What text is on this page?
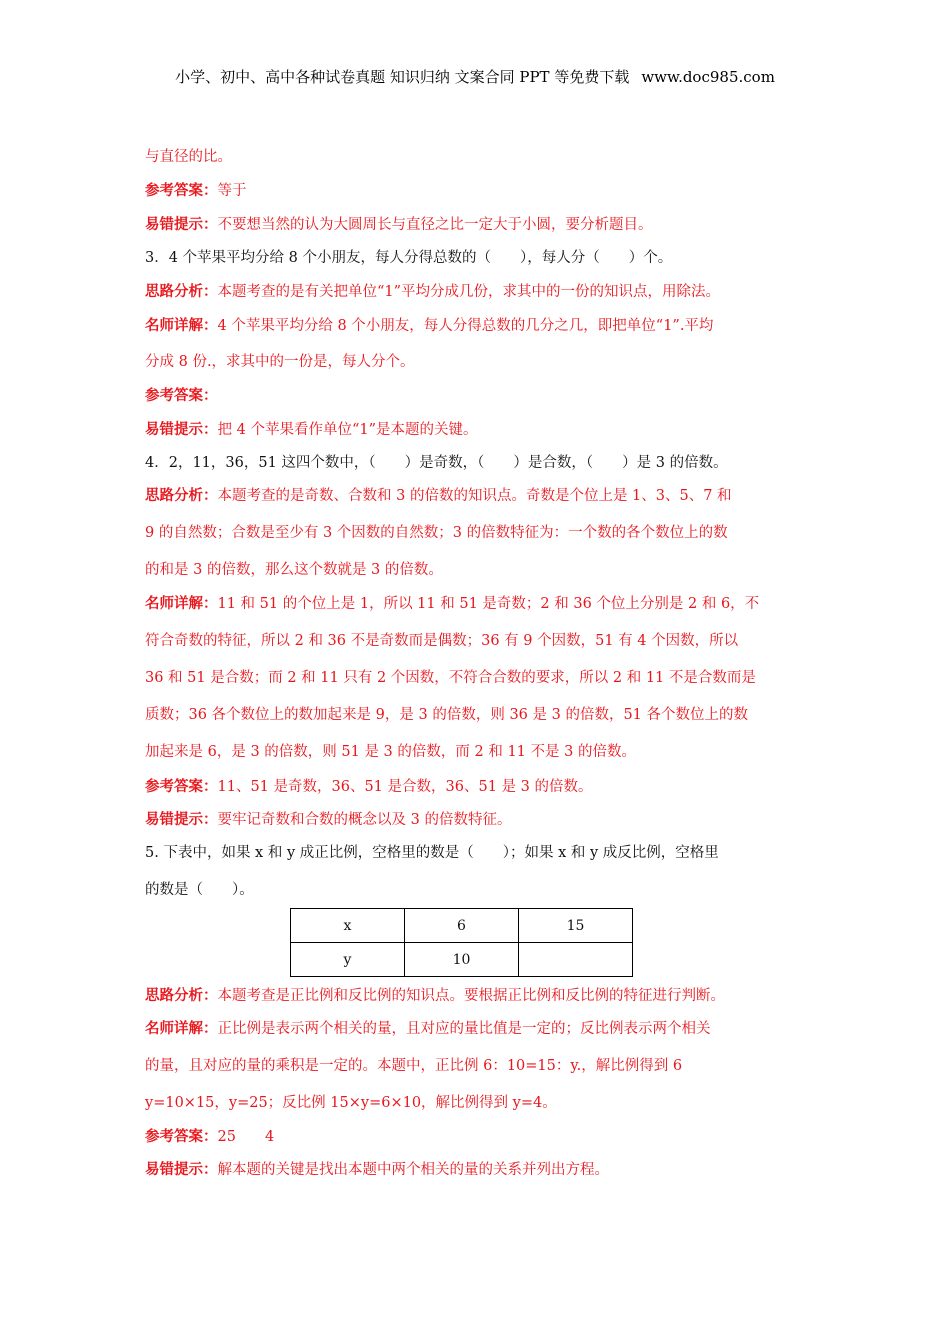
小学、初中、高中各种试卷真题 知识归纳 文案合同 PPT 等免费下载 www.doc985.com
与直径的比。
参考答案：等于
易错提示：不要想当然的认为大圆周长与直径之比一定大于小圆，要分析题目。
3．4 个苹果平均分给 8 个小朋友，每人分得总数的（　　），每人分（　　）个。
思路分析：本题考查的是有关把单位“1”平均分成几份，求其中的一份的知识点，用除法。
名师详解：4 个苹果平均分给 8 个小朋友，每人分得总数的几分之几，即把单位“1”.平均
分成 8 份.，求其中的一份是，每人分个。
参考答案：
易错提示：把 4 个苹果看作单位“1”是本题的关键。
4．2，11，36，51 这四个数中，（　　）是奇数，（　　）是合数，（　　）是 3 的倍数。
思路分析：本题考查的是奇数、合数和 3 的倍数的知识点。奇数是个位上是 1、3、5、7 和
9 的自然数；合数是至少有 3 个因数的自然数；3 的倍数特征为：一个数的各个数位上的数
的和是 3 的倍数，那么这个数就是 3 的倍数。
名师详解：11 和 51 的个位上是 1，所以 11 和 51 是奇数；2 和 36 个位上分别是 2 和 6，不
符合奇数的特征，所以 2 和 36 不是奇数而是偶数；36 有 9 个因数，51 有 4 个因数，所以
36 和 51 是合数；而 2 和 11 只有 2 个因数，不符合合数的要求，所以 2 和 11 不是合数而是
质数；36 各个数位上的数加起来是 9，是 3 的倍数，则 36 是 3 的倍数，51 各个数位上的数
加起来是 6，是 3 的倍数，则 51 是 3 的倍数，而 2 和 11 不是 3 的倍数。
参考答案：11、51 是奇数，36、51 是合数，36、51 是 3 的倍数。
易错提示：要牢记奇数和合数的概念以及 3 的倍数特征。
5. 下表中，如果 x 和 y 成正比例，空格里的数是（　　）；如果 x 和 y 成反比例，空格里
的数是（　　）。
思路分析：本题考查是正比例和反比例的知识点。要根据正比例和反比例的特征进行判断。
名师详解：正比例是表示两个相关的量，且对应的量比值是一定的；反比例表示两个相关
的量，且对应的量的乘积是一定的。本题中，正比例 6：10=15：y.，解比例得到 6
y=10×15，y=25；反比例 15×y=6×10，解比例得到 y=4。
参考答案：25　　4
易错提示：解本题的关键是找出本题中两个相关的量的关系并列出方程。
x	6	15
y	10	
